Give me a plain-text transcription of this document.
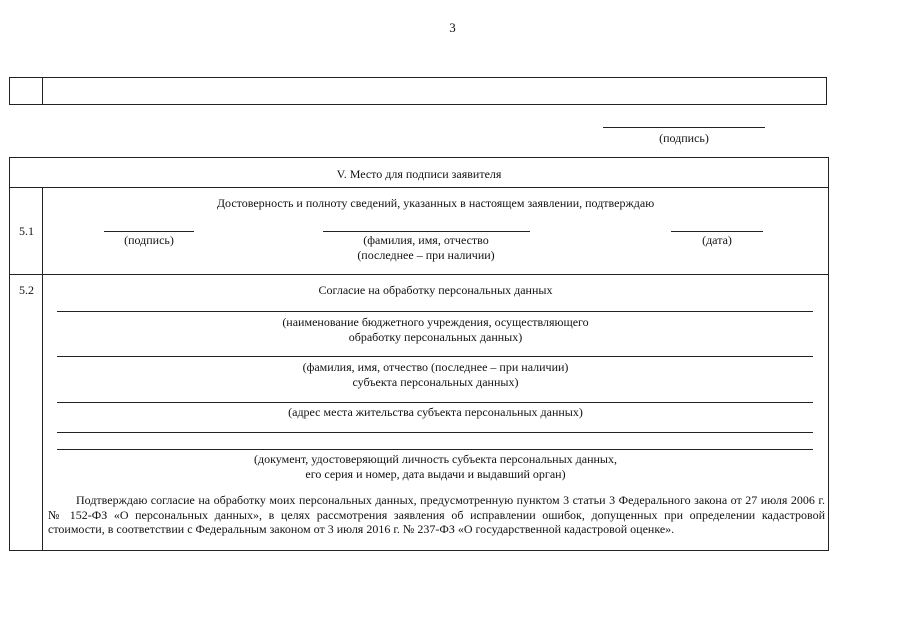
3
(подпись)
V. Место для подписи заявителя
5.1
Достоверность и полноту сведений, указанных в настоящем заявлении, подтверждаю
(подпись)	(фамилия, имя, отчество
(последнее – при наличии)
(дата)
5.2	Согласие на обработку персональных данных
(наименование бюджетного учреждения, осуществляющего
обработку персональных данных)
(фамилия, имя, отчество (последнее – при наличии)
субъекта персональных данных)
(адрес места жительства субъекта персональных данных)
(документ, удостоверяющий личность субъекта персональных данных,
его серия и номер, дата выдачи и выдавший орган)
Подтверждаю согласие на обработку моих персональных данных, предусмотренную пунктом 3 статьи 3 Федерального закона от 27 июля 2006 г. № 152-ФЗ «О персональных данных», в целях рассмотрения заявления об исправлении ошибок, допущенных при определении кадастровой стоимости, в соответствии с Федеральным законом от 3 июля 2016 г. № 237-ФЗ «О государственной кадастровой оценке».
